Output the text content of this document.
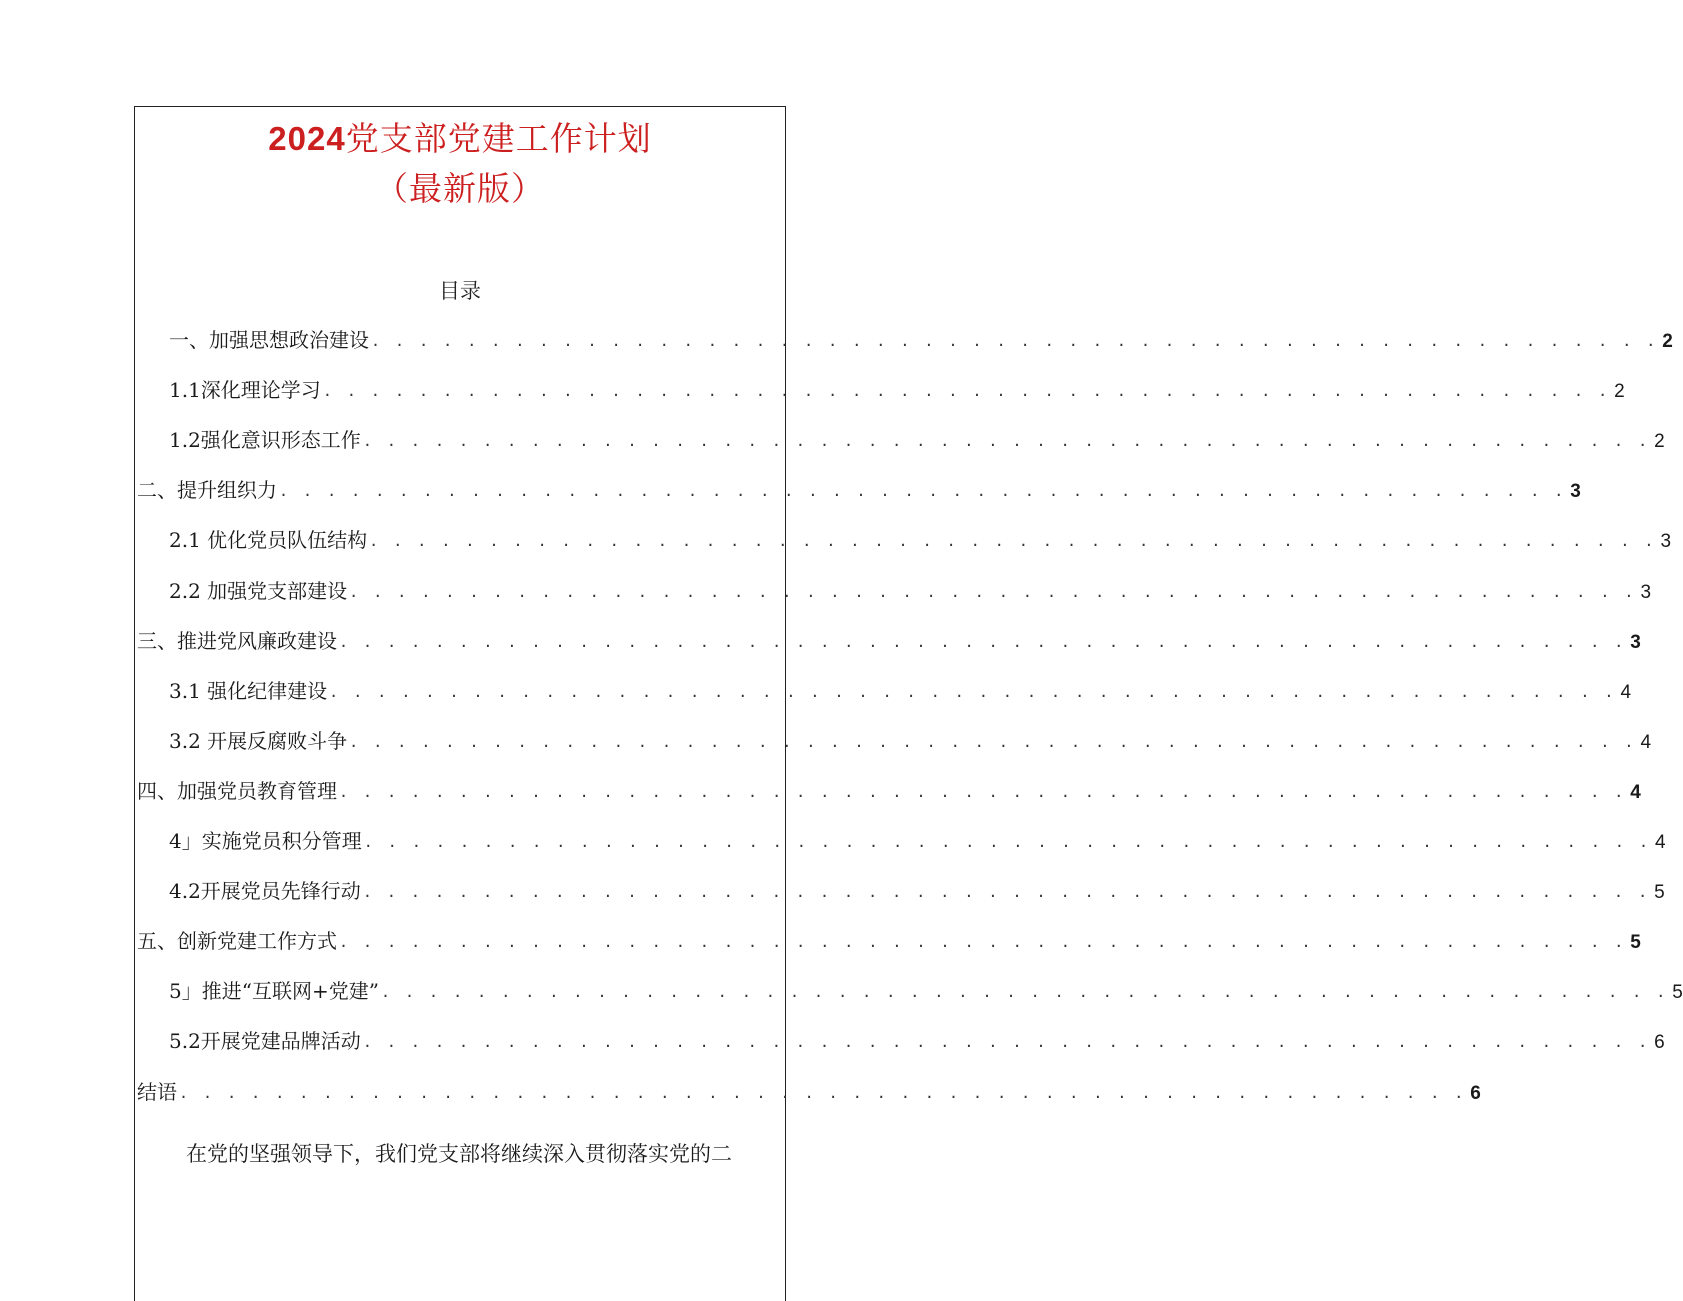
2024党支部党建工作计划
（最新版）
目录
一、加强思想政治建设 . . . . . . . . . . . . . . . . . . . . . . . . . . . . . . . . . . . . . . . . . . . . . . . . . . . . . . 2
1.1深化理论学习 . . . . . . . . . . . . . . . . . . . . . . . . . . . . . . . . . . . . . . . . . . . . . . . . . . . . . . 2
1.2强化意识形态工作 . . . . . . . . . . . . . . . . . . . . . . . . . . . . . . . . . . . . . . . . . . . . . . . . . . . . . . 2
二、提升组织力 . . . . . . . . . . . . . . . . . . . . . . . . . . . . . . . . . . . . . . . . . . . . . . . . . . . . . . 3
2.1 优化党员队伍结构 . . . . . . . . . . . . . . . . . . . . . . . . . . . . . . . . . . . . . . . . . . . . . . . . . . . . . . 3
2.2 加强党支部建设 . . . . . . . . . . . . . . . . . . . . . . . . . . . . . . . . . . . . . . . . . . . . . . . . . . . . . . 3
三、推进党风廉政建设 . . . . . . . . . . . . . . . . . . . . . . . . . . . . . . . . . . . . . . . . . . . . . . . . . . . . . . 3
3.1 强化纪律建设 . . . . . . . . . . . . . . . . . . . . . . . . . . . . . . . . . . . . . . . . . . . . . . . . . . . . . . 4
3.2 开展反腐败斗争 . . . . . . . . . . . . . . . . . . . . . . . . . . . . . . . . . . . . . . . . . . . . . . . . . . . . . . 4
四、加强党员教育管理 . . . . . . . . . . . . . . . . . . . . . . . . . . . . . . . . . . . . . . . . . . . . . . . . . . . . . . 4
4」实施党员积分管理 . . . . . . . . . . . . . . . . . . . . . . . . . . . . . . . . . . . . . . . . . . . . . . . . . . . . . . 4
4.2开展党员先锋行动 . . . . . . . . . . . . . . . . . . . . . . . . . . . . . . . . . . . . . . . . . . . . . . . . . . . . . . 5
五、创新党建工作方式 . . . . . . . . . . . . . . . . . . . . . . . . . . . . . . . . . . . . . . . . . . . . . . . . . . . . . . 5
5」推进“互联网+党建” . . . . . . . . . . . . . . . . . . . . . . . . . . . . . . . . . . . . . . . . . . . . . . . . . . . . . . 5
5.2开展党建品牌活动 . . . . . . . . . . . . . . . . . . . . . . . . . . . . . . . . . . . . . . . . . . . . . . . . . . . . . . 6
结语 . . . . . . . . . . . . . . . . . . . . . . . . . . . . . . . . . . . . . . . . . . . . . . . . . . . . . . 6
在党的坚强领导下，我们党支部将继续深入贯彻落实党的二
